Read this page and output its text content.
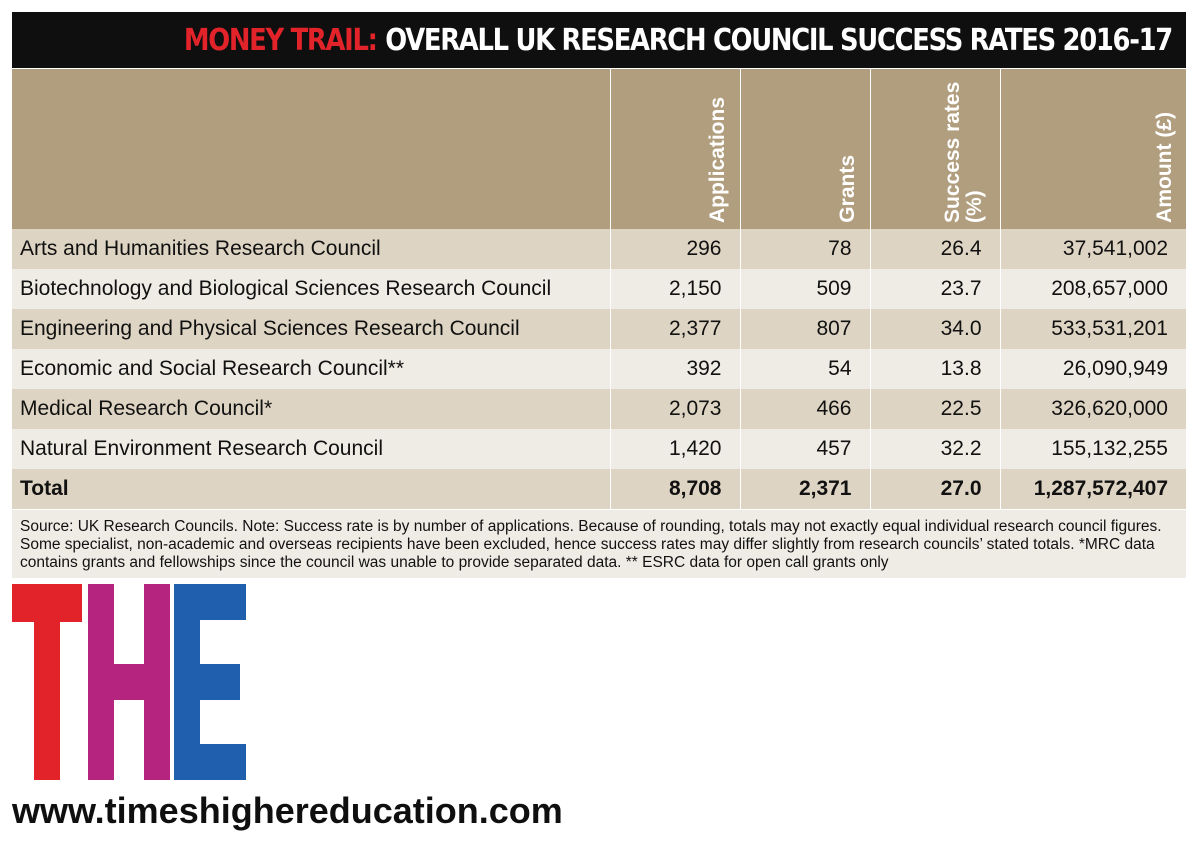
MONEY TRAIL: OVERALL UK RESEARCH COUNCIL SUCCESS RATES 2016-17

	Applications	Grants	Success rates (%)	Amount (£)

Arts and Humanities Research Council	296	78	26.4	37,541,002
Biotechnology and Biological Sciences Research Council	2,150	509	23.7	208,657,000
Engineering and Physical Sciences Research Council	2,377	807	34.0	533,531,201
Economic and Social Research Council**	392	54	13.8	26,090,949
Medical Research Council*	2,073	466	22.5	326,620,000
Natural Environment Research Council	1,420	457	32.2	155,132,255
Total	8,708	2,371	27.0	1,287,572,407
Source: UK Research Councils. Note: Success rate is by number of applications. Because of rounding, totals may not exactly equal individual research council figures. Some specialist, non-academic and overseas recipients have been excluded, hence success rates may differ slightly from research councils’ stated totals. *MRC data contains grants and fellowships since the council was unable to provide separated data. ** ESRC data for open call grants only
www.timeshighereducation.com
